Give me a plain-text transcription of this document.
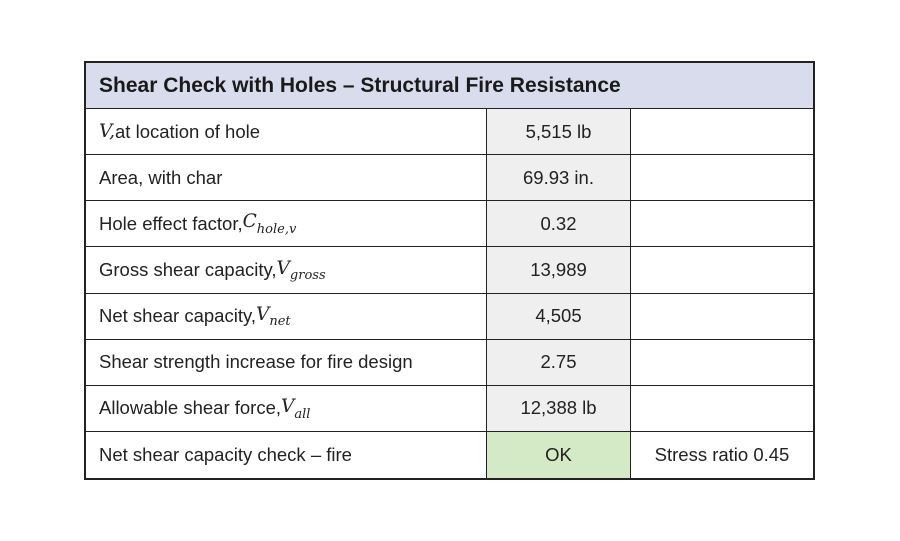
Shear Check with Holes – Structural Fire Resistance
V, at location of hole	5,515 lb
Area, with char	69.93 in.
Hole effect factor, $C_{hole,v}$	0.32
Gross shear capacity, $V_{gross}$	13,989
Net shear capacity, $V_{net}$	4,505
Shear strength increase for fire design	2.75
Allowable shear force, $V_{all}$	12,388 lb
Net shear capacity check – fire	OK	Stress ratio 0.45
